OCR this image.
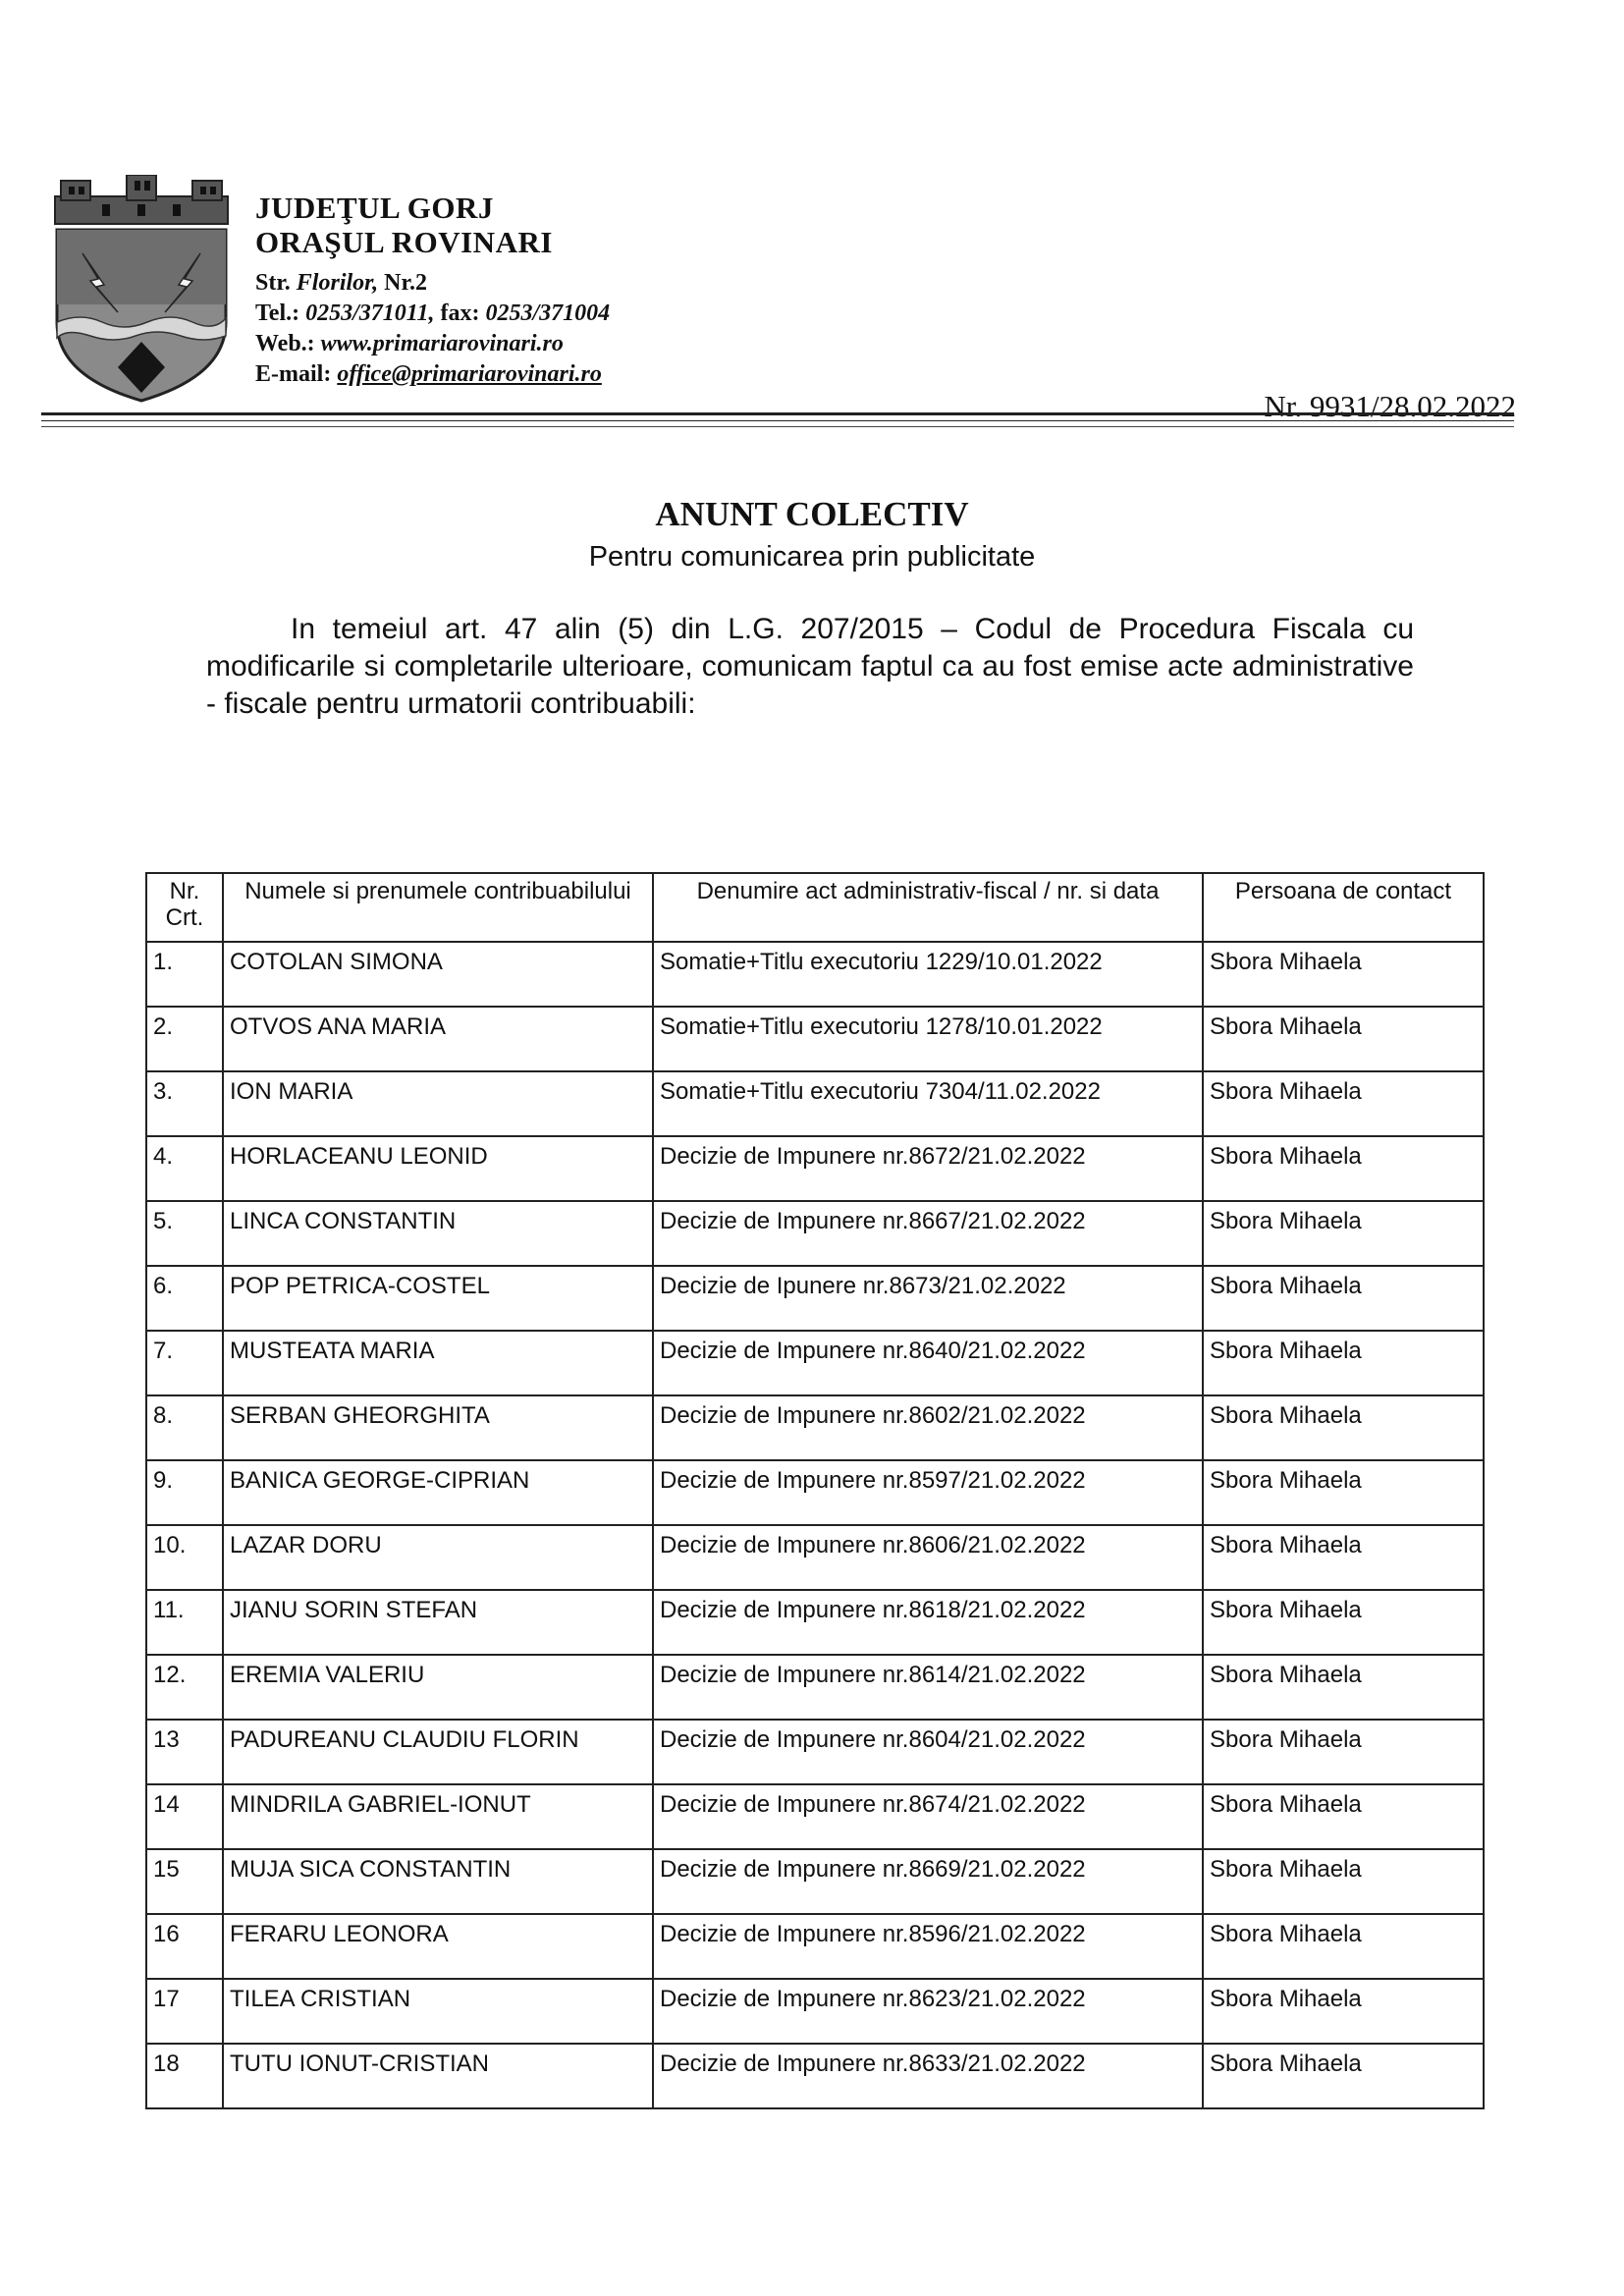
JUDEŢUL GORJ
ORAŞUL ROVINARI
Str. Florilor, Nr.2
Tel.: 0253/371011, fax: 0253/371004
Web.: www.primariarovinari.ro
E-mail: office@primariarovinari.ro
Nr. 9931/28.02.2022
ANUNT COLECTIV
Pentru comunicarea prin publicitate

In temeiul art. 47 alin (5) din L.G. 207/2015 – Codul de Procedura Fiscala cu modificarile si completarile ulterioare, comunicam faptul ca au fost emise acte administrative - fiscale pentru urmatorii contribuabili:

Nr. Crt.	Numele si prenumele contribuabilului	Denumire act administrativ-fiscal / nr. si data	Persoana de contact
1.	COTOLAN SIMONA	Somatie+Titlu executoriu 1229/10.01.2022	Sbora Mihaela
2.	OTVOS ANA MARIA	Somatie+Titlu executoriu 1278/10.01.2022	Sbora Mihaela
3.	ION MARIA	Somatie+Titlu executoriu 7304/11.02.2022	Sbora Mihaela
4.	HORLACEANU LEONID	Decizie de Impunere nr.8672/21.02.2022	Sbora Mihaela
5.	LINCA CONSTANTIN	Decizie de Impunere nr.8667/21.02.2022	Sbora Mihaela
6.	POP PETRICA-COSTEL	Decizie de Ipunere nr.8673/21.02.2022	Sbora Mihaela
7.	MUSTEATA MARIA	Decizie de Impunere nr.8640/21.02.2022	Sbora Mihaela
8.	SERBAN GHEORGHITA	Decizie de Impunere nr.8602/21.02.2022	Sbora Mihaela
9.	BANICA GEORGE-CIPRIAN	Decizie de Impunere nr.8597/21.02.2022	Sbora Mihaela
10.	LAZAR DORU	Decizie de Impunere nr.8606/21.02.2022	Sbora Mihaela
11.	JIANU SORIN STEFAN	Decizie de Impunere nr.8618/21.02.2022	Sbora Mihaela
12.	EREMIA VALERIU	Decizie de Impunere nr.8614/21.02.2022	Sbora Mihaela
13	PADUREANU CLAUDIU FLORIN	Decizie de Impunere nr.8604/21.02.2022	Sbora Mihaela
14	MINDRILA GABRIEL-IONUT	Decizie de Impunere nr.8674/21.02.2022	Sbora Mihaela
15	MUJA SICA CONSTANTIN	Decizie de Impunere nr.8669/21.02.2022	Sbora Mihaela
16	FERARU LEONORA	Decizie de Impunere nr.8596/21.02.2022	Sbora Mihaela
17	TILEA CRISTIAN	Decizie de Impunere nr.8623/21.02.2022	Sbora Mihaela
18	TUTU IONUT-CRISTIAN	Decizie de Impunere nr.8633/21.02.2022	Sbora Mihaela
